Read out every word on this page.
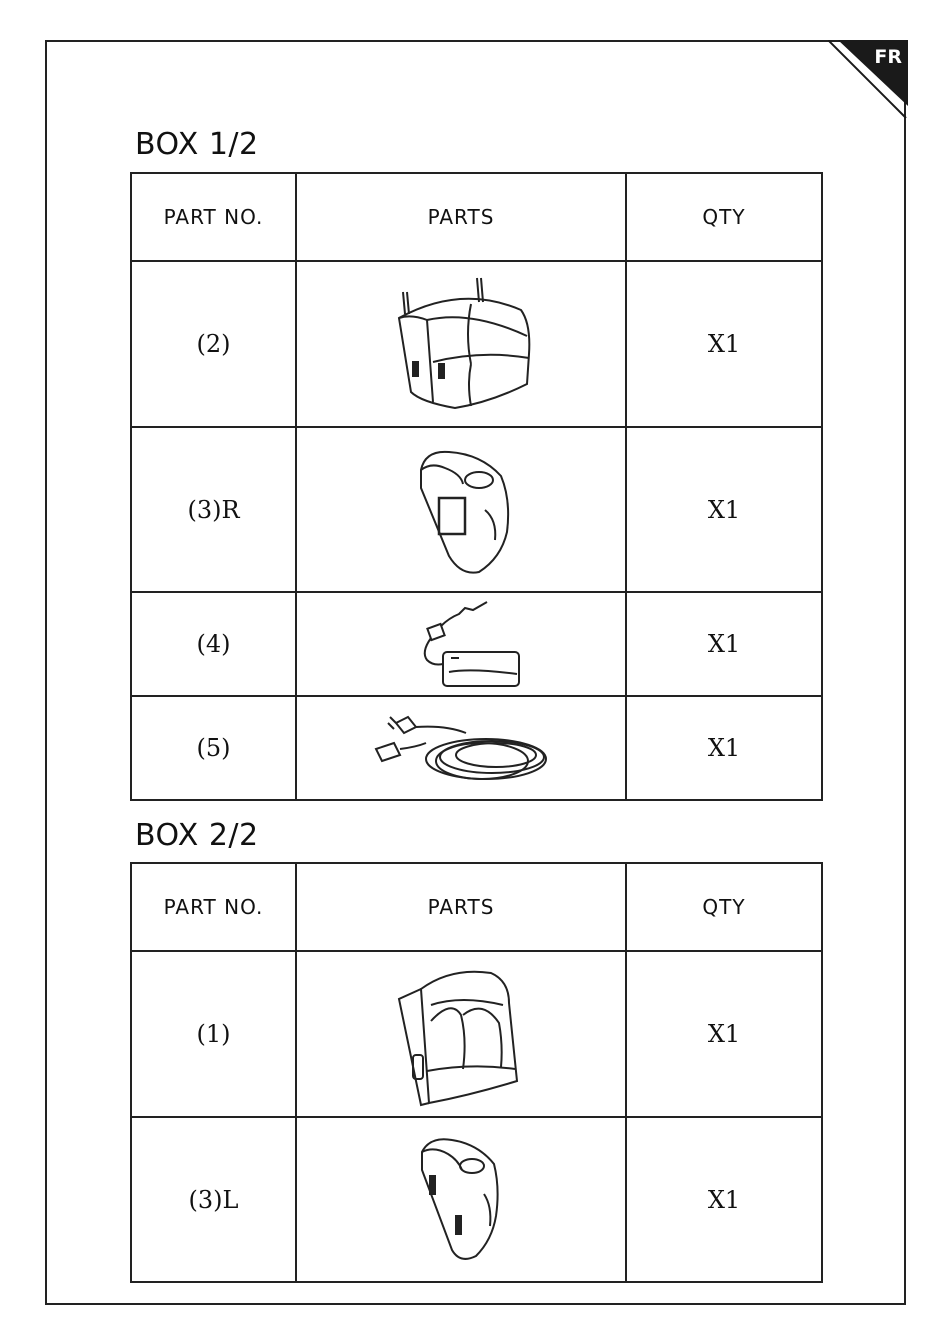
FR
BOX 1/2
PART NO.	PARTS	QTY
(2)		X1
(3)R		X1
(4)		X1
(5)		X1
BOX 2/2
PART NO.	PARTS	QTY
(1)		X1
(3)L		X1
